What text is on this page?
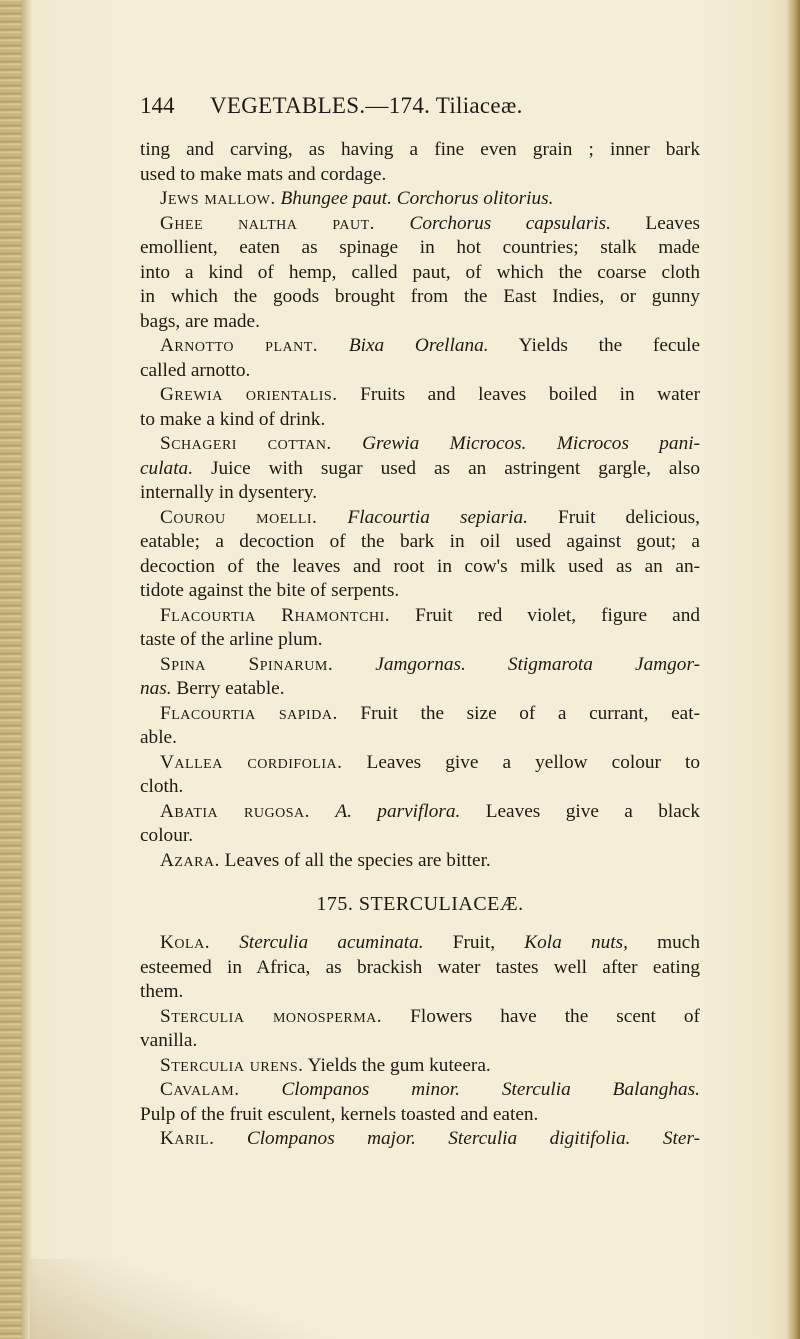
144 VEGETABLES.—174. Tiliaceæ.
ting and carving, as having a fine even grain ; inner bark
used to make mats and cordage.
Jews mallow. Bhungee paut. Corchorus olitorius.
Ghee naltha paut. Corchorus capsularis. Leaves
emollient, eaten as spinage in hot countries; stalk made
into a kind of hemp, called paut, of which the coarse cloth
in which the goods brought from the East Indies, or gunny
bags, are made.
Arnotto plant. Bixa Orellana. Yields the fecule
called arnotto.
Grewia orientalis. Fruits and leaves boiled in water
to make a kind of drink.
Schageri cottan. Grewia Microcos. Microcos pani-
culata. Juice with sugar used as an astringent gargle, also
internally in dysentery.
Courou moelli. Flacourtia sepiaria. Fruit delicious,
eatable; a decoction of the bark in oil used against gout; a
decoction of the leaves and root in cow's milk used as an an-
tidote against the bite of serpents.
Flacourtia Rhamontchi. Fruit red violet, figure and
taste of the arline plum.
Spina Spinarum. Jamgornas. Stigmarota Jamgor-
nas. Berry eatable.
Flacourtia sapida. Fruit the size of a currant, eat-
able.
Vallea cordifolia. Leaves give a yellow colour to
cloth.
Abatia rugosa. A. parviflora. Leaves give a black
colour.
Azara. Leaves of all the species are bitter.
175. STERCULIACEÆ.
Kola. Sterculia acuminata. Fruit, Kola nuts, much
esteemed in Africa, as brackish water tastes well after eating
them.
Sterculia monosperma. Flowers have the scent of
vanilla.
Sterculia urens. Yields the gum kuteera.
Cavalam. Clompanos minor. Sterculia Balanghas.
Pulp of the fruit esculent, kernels toasted and eaten.
Karil. Clompanos major. Sterculia digitifolia. Ster-
